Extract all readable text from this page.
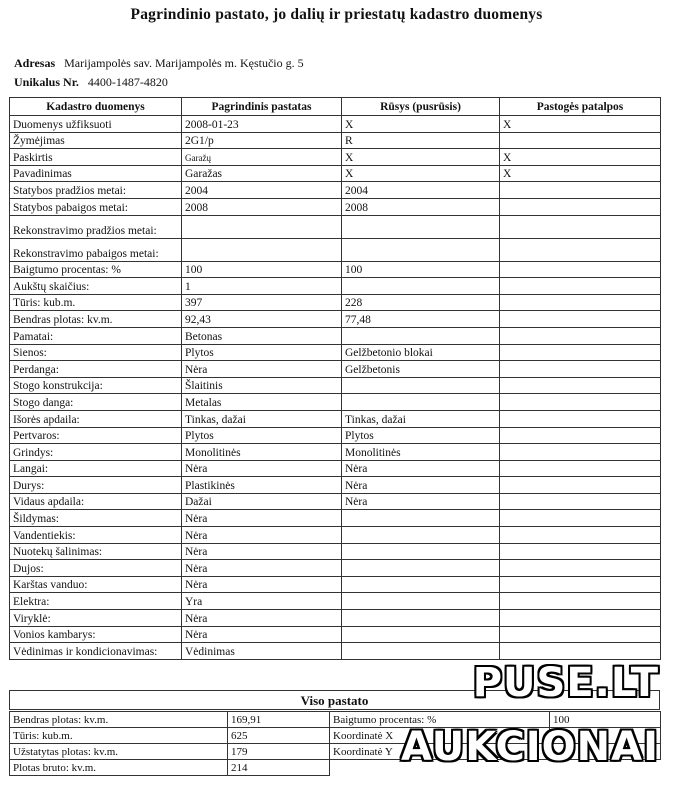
Pagrindinio pastato, jo dalių ir priestatų kadastro duomenys
Adresas Marijampolės sav. Marijampolės m. Kęstučio g. 5
Unikalus Nr. 4400-1487-4820
Kadastro duomenys	Pagrindinis pastatas	Rūsys (pusrūsis)	Pastogės patalpos
Duomenys užfiksuoti	2008-01-23	X	X
Žymėjimas	2G1/p	R	
Paskirtis	Garažų	X	X
Pavadinimas	Garažas	X	X
Statybos pradžios metai:	2004	2004	
Statybos pabaigos metai:	2008	2008	
Rekonstravimo pradžios metai:			
Rekonstravimo pabaigos metai:			
Baigtumo procentas: %	100	100	
Aukštų skaičius:	1		
Tūris: kub.m.	397	228	
Bendras plotas: kv.m.	92,43	77,48	
Pamatai:	Betonas		
Sienos:	Plytos	Gelžbetonio blokai	
Perdanga:	Nėra	Gelžbetonis	
Stogo konstrukcija:	Šlaitinis		
Stogo danga:	Metalas		
Išorės apdaila:	Tinkas, dažai	Tinkas, dažai	
Pertvaros:	Plytos	Plytos	
Grindys:	Monolitinės	Monolitinės	
Langai:	Nėra	Nėra	
Durys:	Plastikinės	Nėra	
Vidaus apdaila:	Dažai	Nėra	
Šildymas:	Nėra		
Vandentiekis:	Nėra		
Nuotekų šalinimas:	Nėra		
Dujos:	Nėra		
Karštas vanduo:	Nėra		
Elektra:	Yra		
Viryklė:	Nėra		
Vonios kambarys:	Nėra		
Vėdinimas ir kondicionavimas:	Vėdinimas		
Viso pastato
Bendras plotas: kv.m.	169,91	Baigtumo procentas: %	100
Tūris: kub.m.	625	Koordinatė X	
Užstatytas plotas: kv.m.	179	Koordinatė Y	
Plotas bruto: kv.m.	214		
PUSE.LT
AUKCIONAI
